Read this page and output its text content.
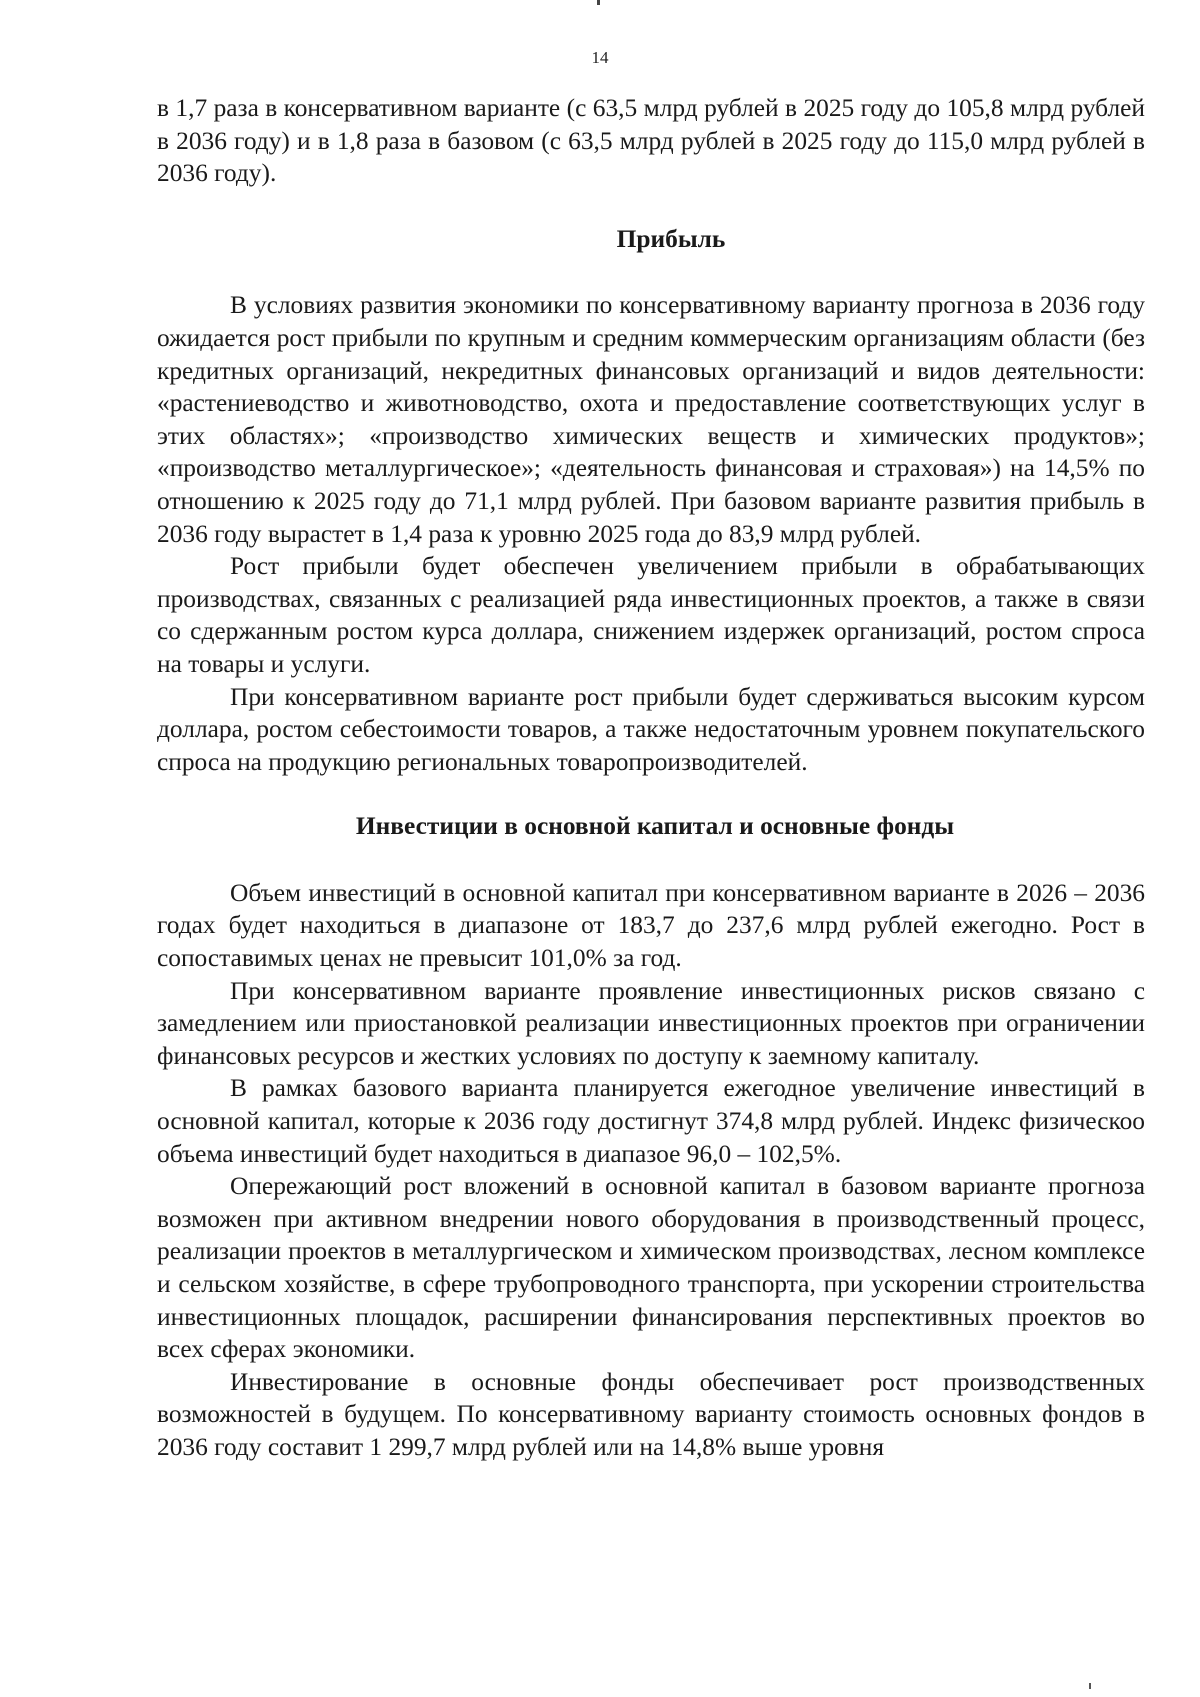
14

в 1,7 раза в консервативном варианте (с 63,5 млрд рублей в 2025 году до 105,8 млрд рублей в 2036 году) и в 1,8 раза в базовом (с 63,5 млрд рублей в 2025 году до 115,0 млрд рублей в 2036 году).

Прибыль

В условиях развития экономики по консервативному варианту прогноза в 2036 году ожидается рост прибыли по крупным и средним коммерческим организациям области (без кредитных организаций, некредитных финансовых организаций и видов деятельности: «растениеводство и животноводство, охота и предоставление соответствующих услуг в этих областях»; «производство химических веществ и химических продуктов»; «производство металлургическое»; «деятельность финансовая и страховая») на 14,5% по отношению к 2025 году до 71,1 млрд рублей. При базовом варианте развития прибыль в 2036 году вырастет в 1,4 раза к уровню 2025 года до 83,9 млрд рублей.

Рост прибыли будет обеспечен увеличением прибыли в обрабатывающих производствах, связанных с реализацией ряда инвестиционных проектов, а также в связи со сдержанным ростом курса доллара, снижением издержек организаций, ростом спроса на товары и услуги.

При консервативном варианте рост прибыли будет сдерживаться высоким курсом доллара, ростом себестоимости товаров, а также недостаточным уровнем покупательского спроса на продукцию региональных товаропроизводителей.

Инвестиции в основной капитал и основные фонды

Объем инвестиций в основной капитал при консервативном варианте в 2026 – 2036 годах будет находиться в диапазоне от 183,7 до 237,6 млрд рублей ежегодно. Рост в сопоставимых ценах не превысит 101,0% за год.

При консервативном варианте проявление инвестиционных рисков связано с замедлением или приостановкой реализации инвестиционных проектов при ограничении финансовых ресурсов и жестких условиях по доступу к заемному капиталу.

В рамках базового варианта планируется ежегодное увеличение инвестиций в основной капитал, которые к 2036 году достигнут 374,8 млрд рублей. Индекс физическоо объема инвестиций будет находиться в диапазое 96,0 – 102,5%.

Опережающий рост вложений в основной капитал в базовом варианте прогноза возможен при активном внедрении нового оборудования в производственный процесс, реализации проектов в металлургическом и химическом производствах, лесном комплексе и сельском хозяйстве, в сфере трубопроводного транспорта, при ускорении строительства инвестиционных площадок, расширении финансирования перспективных проектов во всех сферах экономики.

Инвестирование в основные фонды обеспечивает рост производственных возможностей в будущем. По консервативному варианту стоимость основных фондов в 2036 году составит 1 299,7 млрд рублей или на 14,8% выше уровня
